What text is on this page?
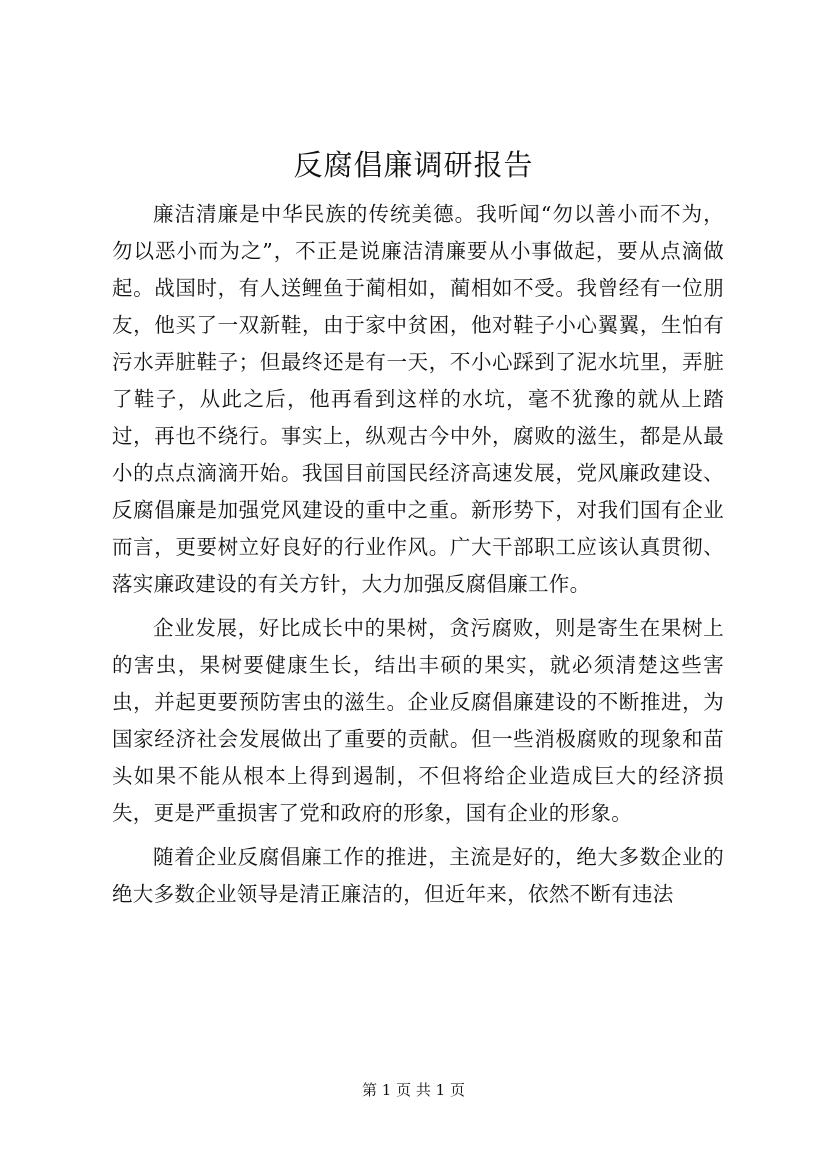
反腐倡廉调研报告

廉洁清廉是中华民族的传统美德。我听闻“勿以善小而不为，勿以恶小而为之”，不正是说廉洁清廉要从小事做起，要从点滴做起。战国时，有人送鲤鱼于蔺相如，蔺相如不受。我曾经有一位朋友，他买了一双新鞋，由于家中贫困，他对鞋子小心翼翼，生怕有污水弄脏鞋子；但最终还是有一天，不小心踩到了泥水坑里，弄脏了鞋子，从此之后，他再看到这样的水坑，毫不犹豫的就从上踏过，再也不绕行。事实上，纵观古今中外，腐败的滋生，都是从最小的点点滴滴开始。我国目前国民经济高速发展，党风廉政建设、反腐倡廉是加强党风建设的重中之重。新形势下，对我们国有企业而言，更要树立好良好的行业作风。广大干部职工应该认真贯彻、落实廉政建设的有关方针，大力加强反腐倡廉工作。

企业发展，好比成长中的果树，贪污腐败，则是寄生在果树上的害虫，果树要健康生长，结出丰硕的果实，就必须清楚这些害虫，并起更要预防害虫的滋生。企业反腐倡廉建设的不断推进，为国家经济社会发展做出了重要的贡献。但一些消极腐败的现象和苗头如果不能从根本上得到遏制，不但将给企业造成巨大的经济损失，更是严重损害了党和政府的形象，国有企业的形象。

随着企业反腐倡廉工作的推进，主流是好的，绝大多数企业的绝大多数企业领导是清正廉洁的，但近年来，依然不断有违法

第 1 页 共 1 页
